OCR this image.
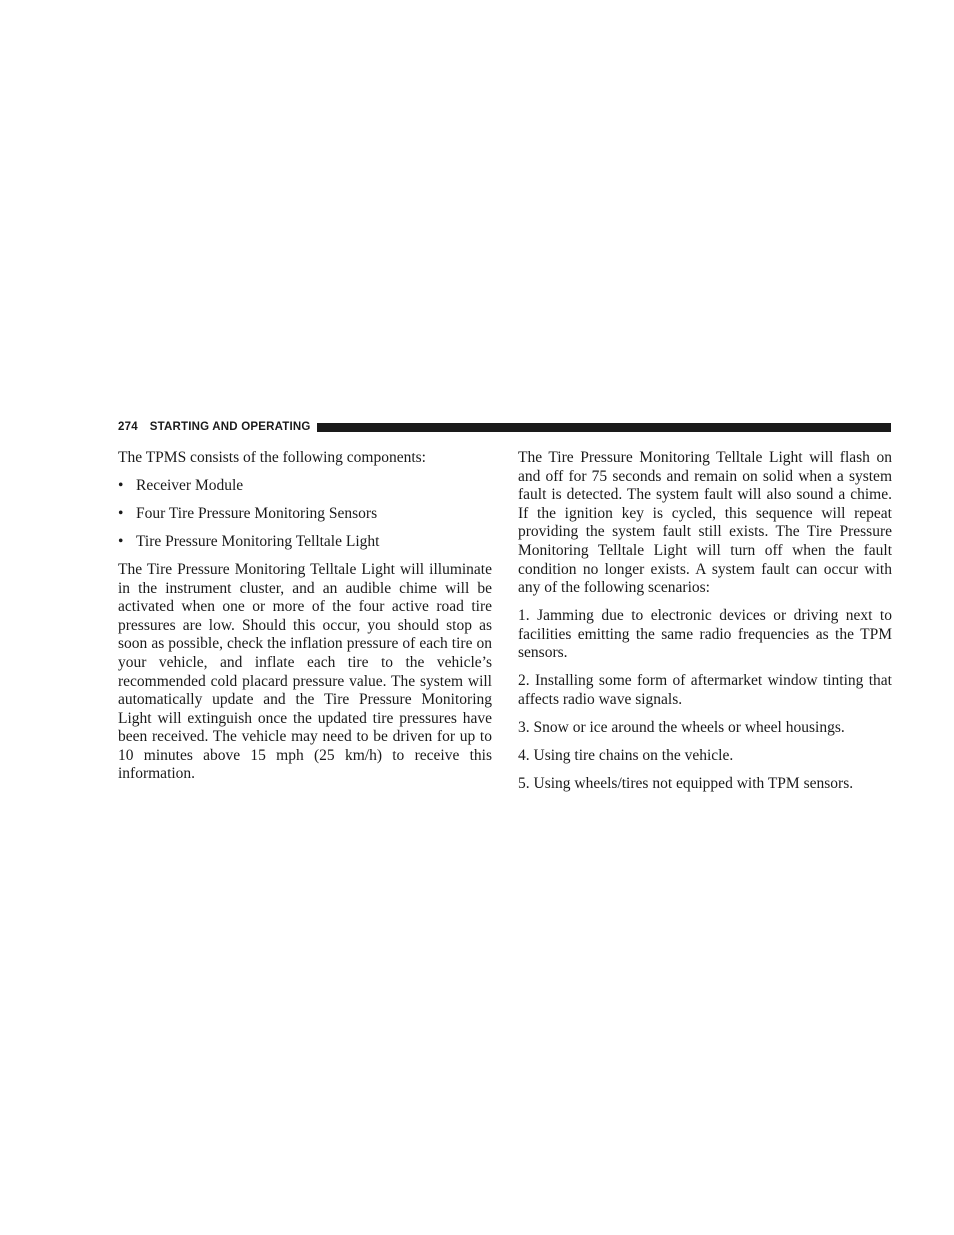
274 STARTING AND OPERATING

The TPMS consists of the following components:

• Receiver Module
• Four Tire Pressure Monitoring Sensors
• Tire Pressure Monitoring Telltale Light

The Tire Pressure Monitoring Telltale Light will illuminate in the instrument cluster, and an audible chime will be activated when one or more of the four active road tire pressures are low. Should this occur, you should stop as soon as possible, check the inflation pressure of each tire on your vehicle, and inflate each tire to the vehicle’s recommended cold placard pressure value. The system will automatically update and the Tire Pressure Monitoring Light will extinguish once the updated tire pressures have been received. The vehicle may need to be driven for up to 10 minutes above 15 mph (25 km/h) to receive this information.

The Tire Pressure Monitoring Telltale Light will flash on and off for 75 seconds and remain on solid when a system fault is detected. The system fault will also sound a chime. If the ignition key is cycled, this sequence will repeat providing the system fault still exists. The Tire Pressure Monitoring Telltale Light will turn off when the fault condition no longer exists. A system fault can occur with any of the following scenarios:

1. Jamming due to electronic devices or driving next to facilities emitting the same radio frequencies as the TPM sensors.
2. Installing some form of aftermarket window tinting that affects radio wave signals.
3. Snow or ice around the wheels or wheel housings.
4. Using tire chains on the vehicle.
5. Using wheels/tires not equipped with TPM sensors.
